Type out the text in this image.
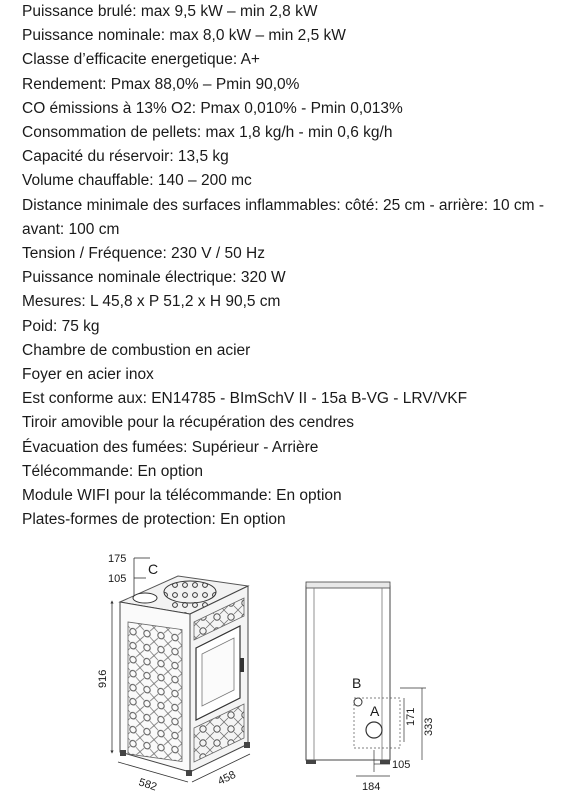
Puissance brulé: max 9,5 kW – min 2,8 kW
Puissance nominale: max 8,0 kW – min 2,5 kW
Classe d’efficacite energetique: A+
Rendement: Pmax 88,0% – Pmin 90,0%
CO émissions à 13% O2: Pmax 0,010% - Pmin 0,013%
Consommation de pellets: max 1,8 kg/h - min 0,6 kg/h
Capacité du réservoir: 13,5 kg
Volume chauffable: 140 – 200 mc
Distance minimale des surfaces inflammables: côté: 25 cm - arrière: 10 cm - avant: 100 cm
Tension / Fréquence: 230 V / 50 Hz
Puissance nominale électrique: 320 W
Mesures: L 45,8 x P 51,2 x H 90,5 cm
Poid: 75 kg
Chambre de combustion en acier
Foyer en acier inox
Est conforme aux: EN14785 - BImSchV II - 15a B-VG - LRV/VKF
Tiroir amovible pour la récupération des cendres
Évacuation des fumées: Supérieur - Arrière
Télécommande: En option
Module WIFI pour la télécommande: En option
Plates-formes de protection: En option
175
105
C
916
582	458
B
A 171
333
105
184
